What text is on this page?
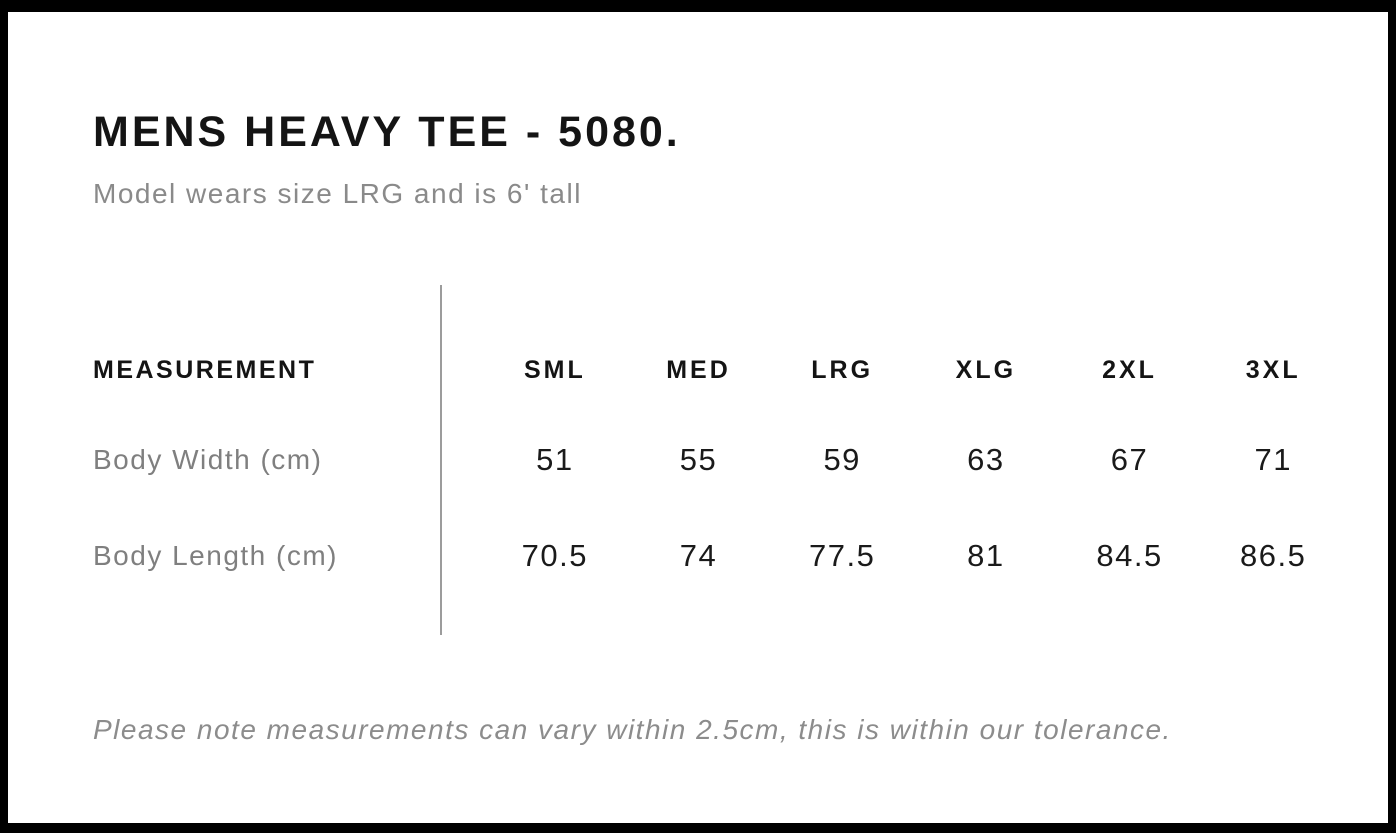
MENS HEAVY TEE - 5080.

Model wears size LRG and is 6' tall

MEASUREMENT	SML	MED	LRG	XLG	2XL	3XL
Body Width (cm)	51	55	59	63	67	71
Body Length (cm)	70.5	74	77.5	81	84.5	86.5

Please note measurements can vary within 2.5cm, this is within our tolerance.
